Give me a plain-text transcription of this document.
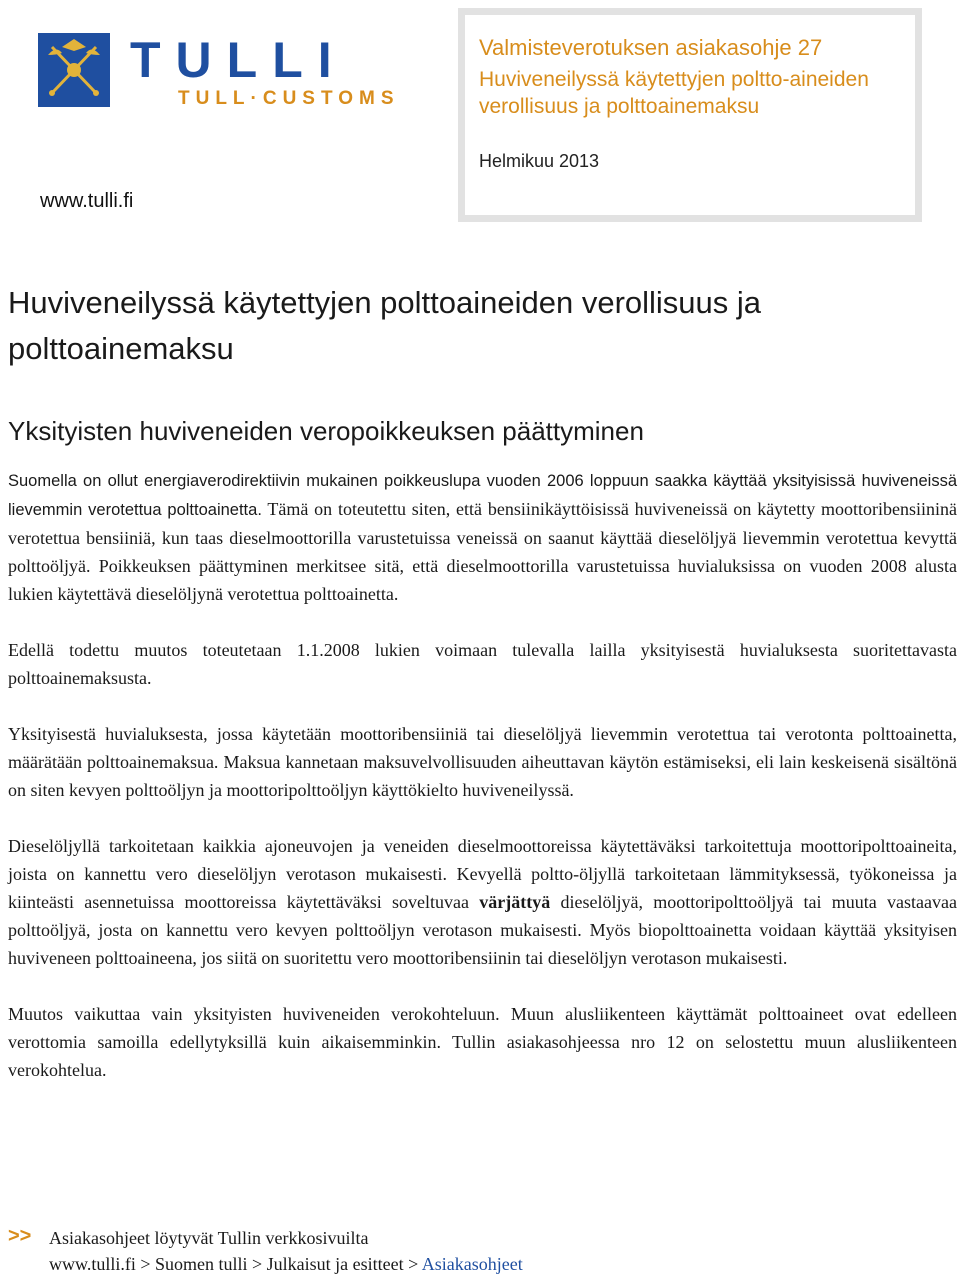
TULLI
TULL·CUSTOMS
www.tulli.fi
Valmisteverotuksen asiakasohje 27
Huviveneilyssä käytettyjen poltto-aineiden verollisuus ja polttoainemaksu
Helmikuu 2013
Huviveneilyssä käytettyjen polttoaineiden verollisuus ja polttoainemaksu
Yksityisten huviveneiden veropoikkeuksen päättyminen

Suomella on ollut energiaverodirektiivin mukainen poikkeuslupa vuoden 2006 loppuun saakka käyttää yksityisissä huviveneissä lievemmin verotettua polttoainetta. Tämä on toteutettu siten, että bensiinikäyttöisissä huviveneissä on käytetty moottoribensiininä verotettua bensiiniä, kun taas dieselmoottorilla varustetuissa veneissä on saanut käyttää dieselöljyä lievemmin verotettua kevyttä polttoöljyä. Poikkeuksen päättyminen merkitsee sitä, että dieselmoottorilla varustetuissa huvialuksissa on vuoden 2008 alusta lukien käytettävä dieselöljynä verotettua polttoainetta.

Edellä todettu muutos toteutetaan 1.1.2008 lukien voimaan tulevalla lailla yksityisestä huvialuksesta suoritettavasta polttoainemaksusta.

Yksityisestä huvialuksesta, jossa käytetään moottoribensiiniä tai dieselöljyä lievemmin verotettua tai verotonta polttoainetta, määrätään polttoainemaksua. Maksua kannetaan maksuvelvollisuuden aiheuttavan käytön estämiseksi, eli lain keskeisenä sisältönä on siten kevyen polttoöljyn ja moottoripolttoöljyn käyttökielto huviveneilyssä.

Dieselöljyllä tarkoitetaan kaikkia ajoneuvojen ja veneiden dieselmoottoreissa käytettäväksi tarkoitettuja moottoripolttoaineita, joista on kannettu vero dieselöljyn verotason mukaisesti. Kevyellä poltto-öljyllä tarkoitetaan lämmityksessä, työkoneissa ja kiinteästi asennetuissa moottoreissa käytettäväksi soveltuvaa värjättyä dieselöljyä, moottoripolttoöljyä tai muuta vastaavaa polttoöljyä, josta on kannettu vero kevyen polttoöljyn verotason mukaisesti. Myös biopolttoainetta voidaan käyttää yksityisen huviveneen polttoaineena, jos siitä on suoritettu vero moottoribensiinin tai dieselöljyn verotason mukaisesti.

Muutos vaikuttaa vain yksityisten huviveneiden verokohteluun. Muun alusliikenteen käyttämät polttoaineet ovat edelleen verottomia samoilla edellytyksillä kuin aikaisemminkin. Tullin asiakasohjeessa nro 12 on selostettu muun alusliikenteen verokohtelua.

>> Asiakasohjeet löytyvät Tullin verkkosivuilta
www.tulli.fi > Suomen tulli > Julkaisut ja esitteet > Asiakasohjeet
